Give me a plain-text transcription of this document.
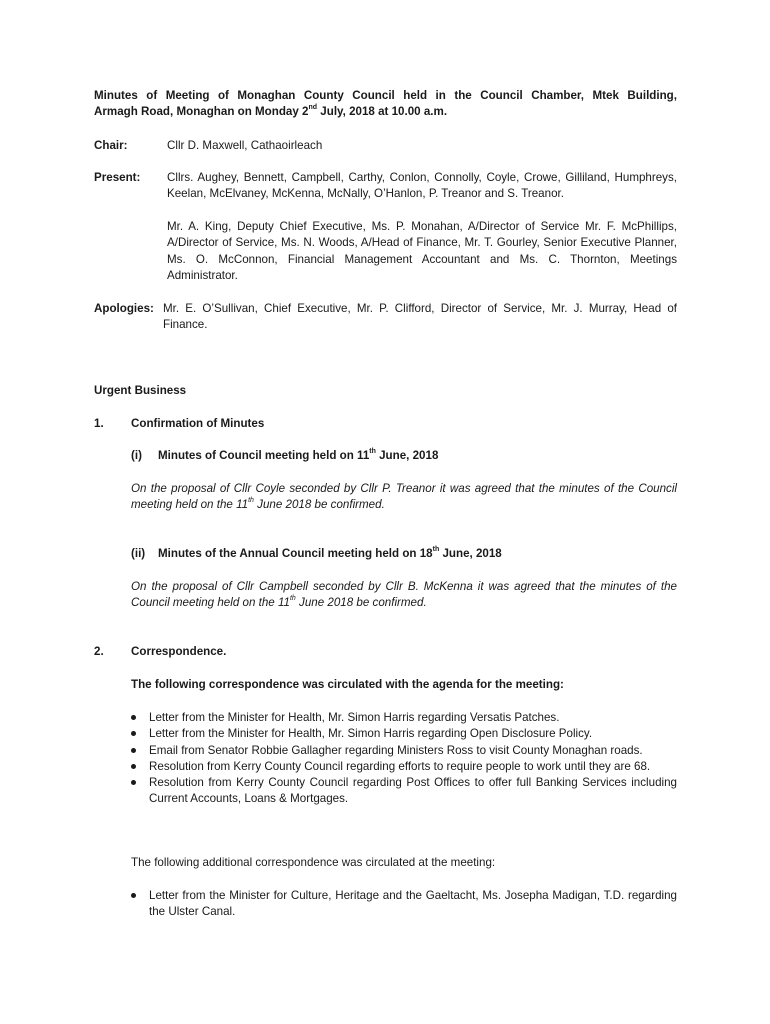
Minutes of Meeting of Monaghan County Council held in the Council Chamber, Mtek Building,
Armagh Road, Monaghan on Monday 2nd July, 2018 at 10.00 a.m.
Chair:	Cllr D. Maxwell, Cathaoirleach
Present: Cllrs. Aughey, Bennett, Campbell, Carthy, Conlon, Connolly, Coyle, Crowe, Gilliland, Humphreys, Keelan, McElvaney, McKenna, McNally, O’Hanlon, P. Treanor and S. Treanor.
Mr. A. King, Deputy Chief Executive, Ms. P. Monahan, A/Director of Service Mr. F. McPhillips, A/Director of Service, Ms. N. Woods, A/Head of Finance, Mr. T. Gourley, Senior Executive Planner, Ms. O. McConnon, Financial Management Accountant and Ms. C. Thornton, Meetings Administrator.
Apologies: Mr. E. O’Sullivan, Chief Executive, Mr. P. Clifford, Director of Service, Mr. J. Murray, Head of Finance.
Urgent Business
1. Confirmation of Minutes
(i) Minutes of Council meeting held on 11th June, 2018
On the proposal of Cllr Coyle seconded by Cllr P. Treanor it was agreed that the minutes of the Council meeting held on the 11th June 2018 be confirmed.
(ii) Minutes of the Annual Council meeting held on 18th June, 2018
On the proposal of Cllr Campbell seconded by Cllr B. McKenna it was agreed that the minutes of the Council meeting held on the 11th June 2018 be confirmed.
2. Correspondence.
The following correspondence was circulated with the agenda for the meeting:
Letter from the Minister for Health, Mr. Simon Harris regarding Versatis Patches.
Letter from the Minister for Health, Mr. Simon Harris regarding Open Disclosure Policy.
Email from Senator Robbie Gallagher regarding Ministers Ross to visit County Monaghan roads.
Resolution from Kerry County Council regarding efforts to require people to work until they are 68.
Resolution from Kerry County Council regarding Post Offices to offer full Banking Services including Current Accounts, Loans & Mortgages.
The following additional correspondence was circulated at the meeting:
Letter from the Minister for Culture, Heritage and the Gaeltacht, Ms. Josepha Madigan, T.D. regarding the Ulster Canal.
